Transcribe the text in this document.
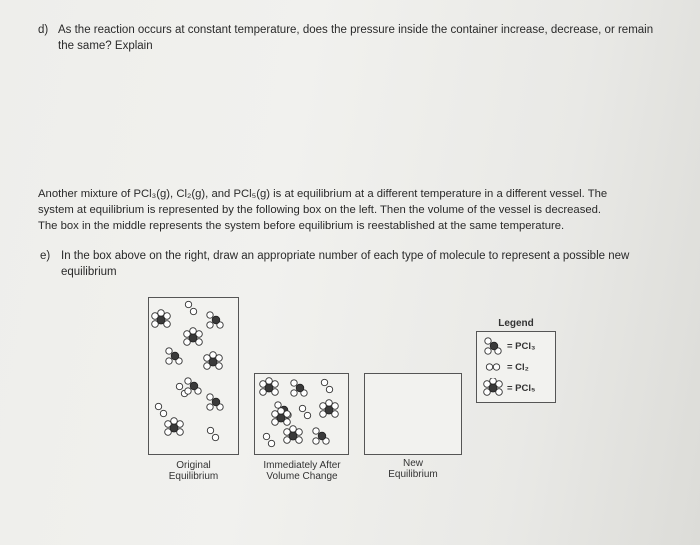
d) As the reaction occurs at constant temperature, does the pressure inside the container increase, decrease, or remain the same? Explain
Another mixture of PCl₃(g), Cl₂(g), and PCl₅(g) is at equilibrium at a different temperature in a different vessel. The
system at equilibrium is represented by the following box on the left. Then the volume of the vessel is decreased.
The box in the middle represents the system before equilibrium is reestablished at the same temperature.
e) In the box above on the right, draw an appropriate number of each type of molecule to represent a possible new equilibrium
Original
Equilibrium
Immediately After
Volume Change
New
Equilibrium
Legend
= PCl₃
= Cl₂
= PCl₅
